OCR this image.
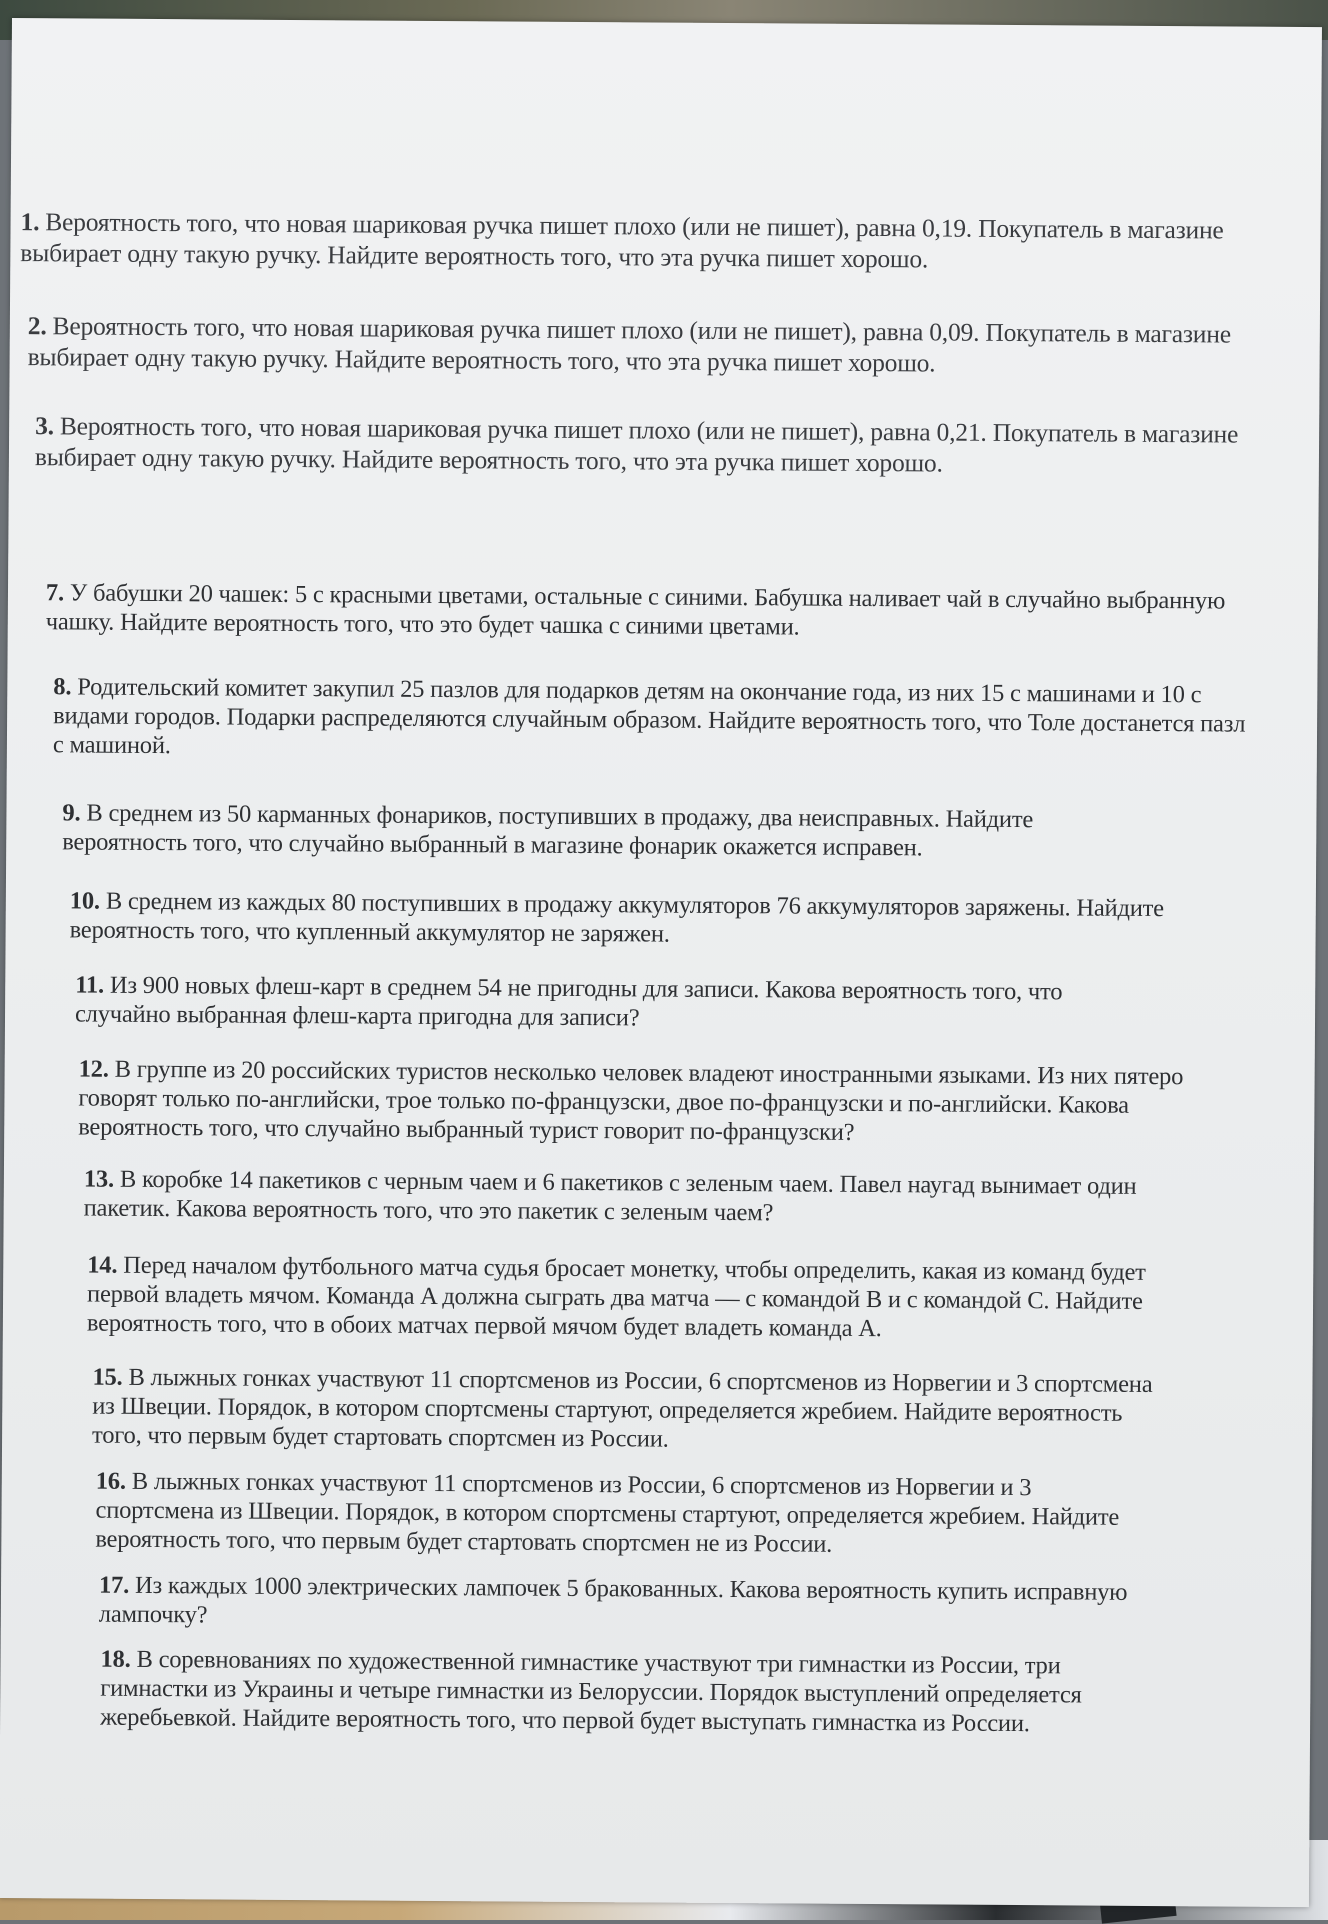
1. Вероятность того, что новая шариковая ручка пишет плохо (или не пишет), равна 0,19. Покупатель в магазине выбирает одну такую ручку. Найдите вероятность того, что эта ручка пишет хорошо.
2. Вероятность того, что новая шариковая ручка пишет плохо (или не пишет), равна 0,09. Покупатель в магазине выбирает одну такую ручку. Найдите вероятность того, что эта ручка пишет хорошо.
3. Вероятность того, что новая шариковая ручка пишет плохо (или не пишет), равна 0,21. Покупатель в магазине выбирает одну такую ручку. Найдите вероятность того, что эта ручка пишет хорошо.
7. У бабушки 20 чашек: 5 с красными цветами, остальные с синими. Бабушка наливает чай в случайно выбранную чашку. Найдите вероятность того, что это будет чашка с синими цветами.
8. Родительский комитет закупил 25 пазлов для подарков детям на окончание года, из них 15 с машинами и 10 с видами городов. Подарки распределяются случайным образом. Найдите вероятность того, что Толе достанется пазл с машиной.
9. В среднем из 50 карманных фонариков, поступивших в продажу, два неисправных. Найдите вероятность того, что случайно выбранный в магазине фонарик окажется исправен.
10. В среднем из каждых 80 поступивших в продажу аккумуляторов 76 аккумуляторов заряжены. Найдите вероятность того, что купленный аккумулятор не заряжен.
11. Из 900 новых флеш-карт в среднем 54 не пригодны для записи. Какова вероятность того, что случайно выбранная флеш-карта пригодна для записи?
12. В группе из 20 российских туристов несколько человек владеют иностранными языками. Из них пятеро говорят только по-английски, трое только по-французски, двое по-французски и по-английски. Какова вероятность того, что случайно выбранный турист говорит по-французски?
13. В коробке 14 пакетиков с черным чаем и 6 пакетиков с зеленым чаем. Павел наугад вынимает один пакетик. Какова вероятность того, что это пакетик с зеленым чаем?
14. Перед началом футбольного матча судья бросает монетку, чтобы определить, какая из команд будет первой владеть мячом. Команда A должна сыграть два матча — с командой B и с командой C. Найдите вероятность того, что в обоих матчах первой мячом будет владеть команда A.
15. В лыжных гонках участвуют 11 спортсменов из России, 6 спортсменов из Норвегии и 3 спортсмена из Швеции. Порядок, в котором спортсмены стартуют, определяется жребием. Найдите вероятность того, что первым будет стартовать спортсмен из России.
16. В лыжных гонках участвуют 11 спортсменов из России, 6 спортсменов из Норвегии и 3 спортсмена из Швеции. Порядок, в котором спортсмены стартуют, определяется жребием. Найдите вероятность того, что первым будет стартовать спортсмен не из России.
17. Из каждых 1000 электрических лампочек 5 бракованных. Какова вероятность купить исправную лампочку?
18. В соревнованиях по художественной гимнастике участвуют три гимнастки из России, три гимнастки из Украины и четыре гимнастки из Белоруссии. Порядок выступлений определяется жеребьевкой. Найдите вероятность того, что первой будет выступать гимнастка из России.
